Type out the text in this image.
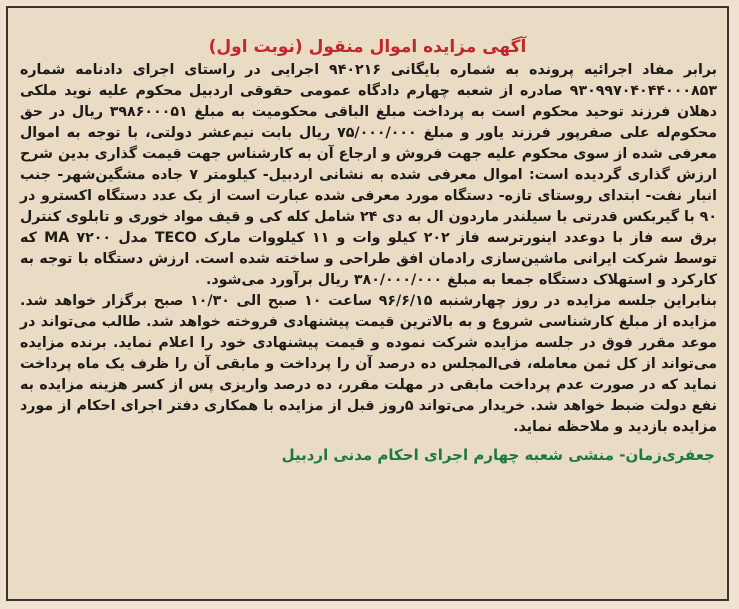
آگهی مزایده اموال منقول (نوبت اول)

برابر مفاد اجرائیه پرونده به شماره بایگانی ۹۴۰۲۱۶ اجرایی در راستای اجرای دادنامه شماره ۹۳۰۹۹۷۰۴۰۴۴۰۰۰۸۵۳ صادره از شعبه چهارم دادگاه عمومی حقوقی اردبیل محکوم علیه نوید ملکی دهلان فرزند توحید محکوم است به پرداخت مبلغ الباقی محکومیت به مبلغ ۳۹۸۶۰۰۰۵۱ ریال در حق محکوم‌له علی صفرپور فرزند یاور و مبلغ ۷۵/۰۰۰/۰۰۰ ریال بابت نیم‌عشر دولتی، با توجه به اموال معرفی شده از سوی محکوم علیه جهت فروش و ارجاع آن به کارشناس جهت قیمت گذاری بدین شرح ارزش گذاری گردیده است: اموال معرفی شده به نشانی اردبیل- کیلومتر ۷ جاده مشگین‌شهر- جنب انبار نفت- ابتدای روستای تازه- دستگاه مورد معرفی شده عبارت است از یک عدد دستگاه اکسترو در ۹۰ با گیربکس قدرتی با سیلندر ماردون ال به دی ۲۴ شامل کله کی و قیف مواد خوری و تابلوی کنترل برق سه فاز با دوعدد اینورترسه فاز ۲۰۲ کیلو وات و ۱۱ کیلووات مارک TECO مدل MA ۷۲۰۰ که توسط شرکت ایرانی ماشین‌سازی رادمان افق طراحی و ساخته شده است. ارزش دستگاه با توجه به کارکرد و استهلاک دستگاه جمعا به مبلغ ۳۸۰/۰۰۰/۰۰۰ ریال برآورد می‌شود.

بنابراین جلسه مزایده در روز چهارشنبه ۹۶/۶/۱۵ ساعت ۱۰ صبح الی ۱۰/۳۰ صبح برگزار خواهد شد. مزایده از مبلغ کارشناسی شروع و به بالاترین قیمت پیشنهادی فروخته خواهد شد. طالب می‌تواند در موعد مقرر فوق در جلسه مزایده شرکت نموده و قیمت پیشنهادی خود را اعلام نماید. برنده مزایده می‌تواند از کل ثمن معامله، فی‌المجلس ده درصد آن را پرداخت و مابقی آن را ظرف یک ماه پرداخت نماید که در صورت عدم پرداخت مابقی در مهلت مقرر، ده درصد واریزی پس از کسر هزینه مزایده به نفع دولت ضبط خواهد شد. خریدار می‌تواند ۵روز قبل از مزایده با همکاری دفتر اجرای احکام از مورد مزایده بازدید و ملاحظه نماید.

جعفری‌زمان- منشی شعبه چهارم اجرای احکام مدنی اردبیل
